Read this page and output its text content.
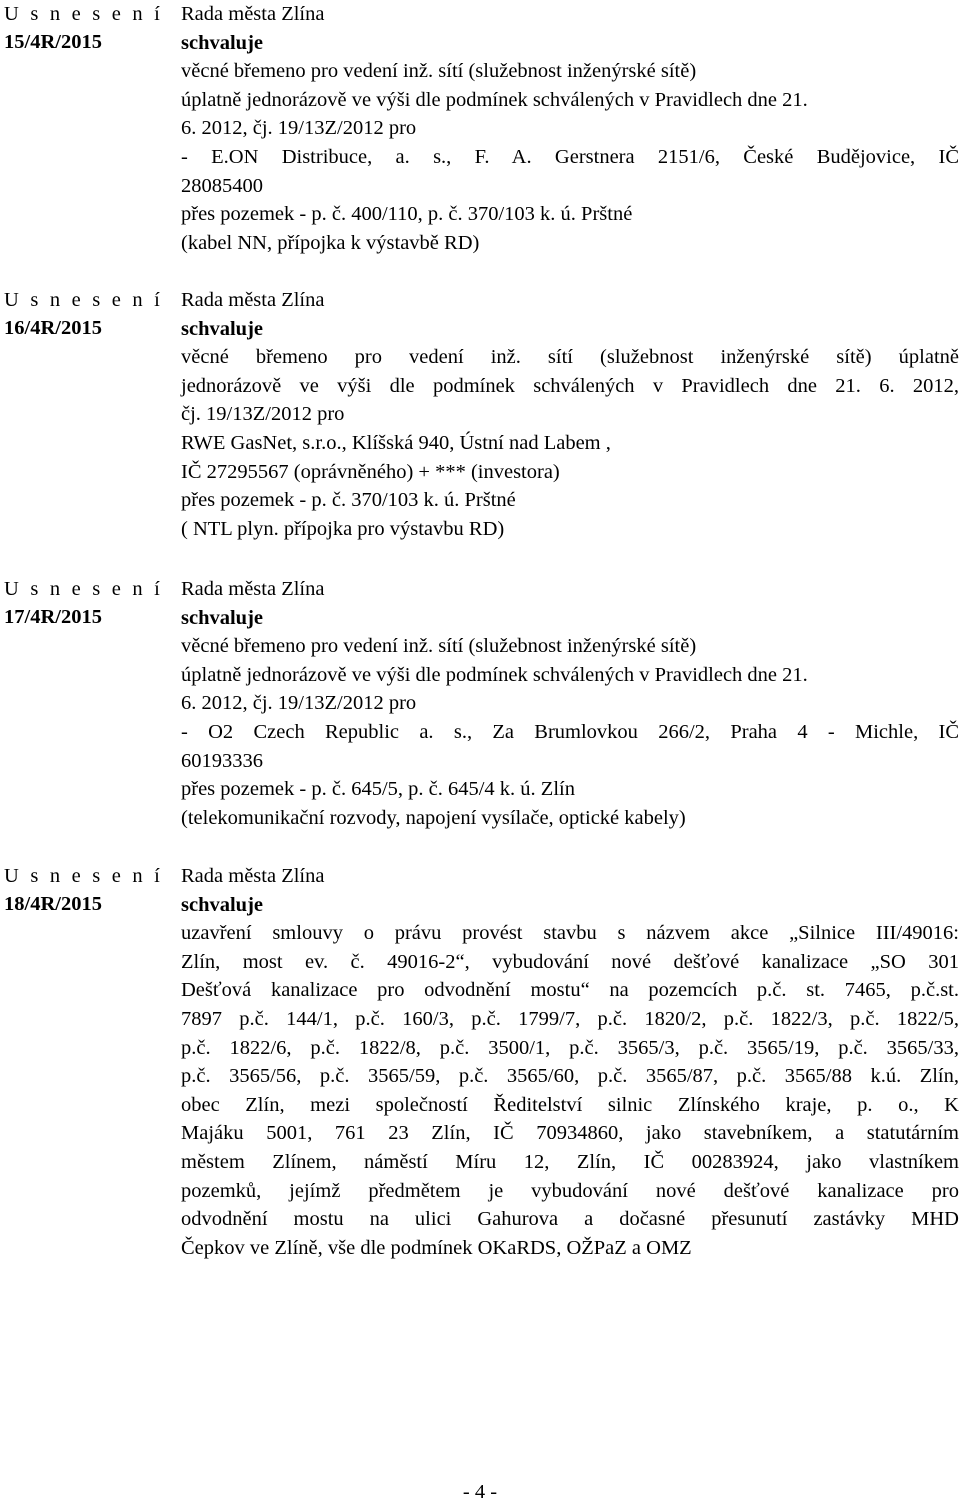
U s n e s e n í
15/4R/2015
Rada města Zlína
schvaluje
věcné břemeno pro vedení inž. sítí (služebnost inženýrské sítě)
úplatně jednorázově ve výši dle podmínek schválených v Pravidlech dne 21.
6. 2012, čj. 19/13Z/2012 pro
- E.ON Distribuce, a. s., F. A. Gerstnera 2151/6, České Budějovice, IČ
28085400
přes pozemek - p. č. 400/110, p. č. 370/103 k. ú. Prštné
(kabel NN, přípojka k výstavbě RD)
U s n e s e n í
16/4R/2015
Rada města Zlína
schvaluje
věcné břemeno pro vedení inž. sítí (služebnost inženýrské sítě) úplatně
jednorázově ve výši dle podmínek schválených v Pravidlech dne 21. 6. 2012,
čj. 19/13Z/2012 pro
RWE GasNet, s.r.o., Klíšská 940, Ústní nad Labem ,
IČ 27295567 (oprávněného) + *** (investora)
přes pozemek - p. č. 370/103 k. ú. Prštné
( NTL plyn. přípojka pro výstavbu RD)
U s n e s e n í
17/4R/2015
Rada města Zlína
schvaluje
věcné břemeno pro vedení inž. sítí (služebnost inženýrské sítě)
úplatně jednorázově ve výši dle podmínek schválených v Pravidlech dne 21.
6. 2012, čj. 19/13Z/2012 pro
- O2 Czech Republic a. s., Za Brumlovkou 266/2, Praha 4 - Michle, IČ
60193336
přes pozemek - p. č. 645/5, p. č. 645/4 k. ú. Zlín
(telekomunikační rozvody, napojení vysílače, optické kabely)
U s n e s e n í
18/4R/2015
Rada města Zlína
schvaluje
uzavření smlouvy o právu provést stavbu s názvem akce „Silnice III/49016:
Zlín, most ev. č. 49016-2“, vybudování nové dešťové kanalizace „SO 301
Dešťová kanalizace pro odvodnění mostu“ na pozemcích p.č. st. 7465, p.č.st.
7897 p.č. 144/1, p.č. 160/3, p.č. 1799/7, p.č. 1820/2, p.č. 1822/3, p.č. 1822/5,
p.č. 1822/6, p.č. 1822/8, p.č. 3500/1, p.č. 3565/3, p.č. 3565/19, p.č. 3565/33,
p.č. 3565/56, p.č. 3565/59, p.č. 3565/60, p.č. 3565/87, p.č. 3565/88 k.ú. Zlín,
obec Zlín, mezi společností Ředitelství silnic Zlínského kraje, p. o., K
Majáku 5001, 761 23 Zlín, IČ 70934860, jako stavebníkem, a statutárním
městem Zlínem, náměstí Míru 12, Zlín, IČ 00283924, jako vlastníkem
pozemků, jejímž předmětem je vybudování nové dešťové kanalizace pro
odvodnění mostu na ulici Gahurova a dočasné přesunutí zastávky MHD
Čepkov ve Zlíně, vše dle podmínek OKaRDS, OŽPaZ a OMZ
- 4 -
